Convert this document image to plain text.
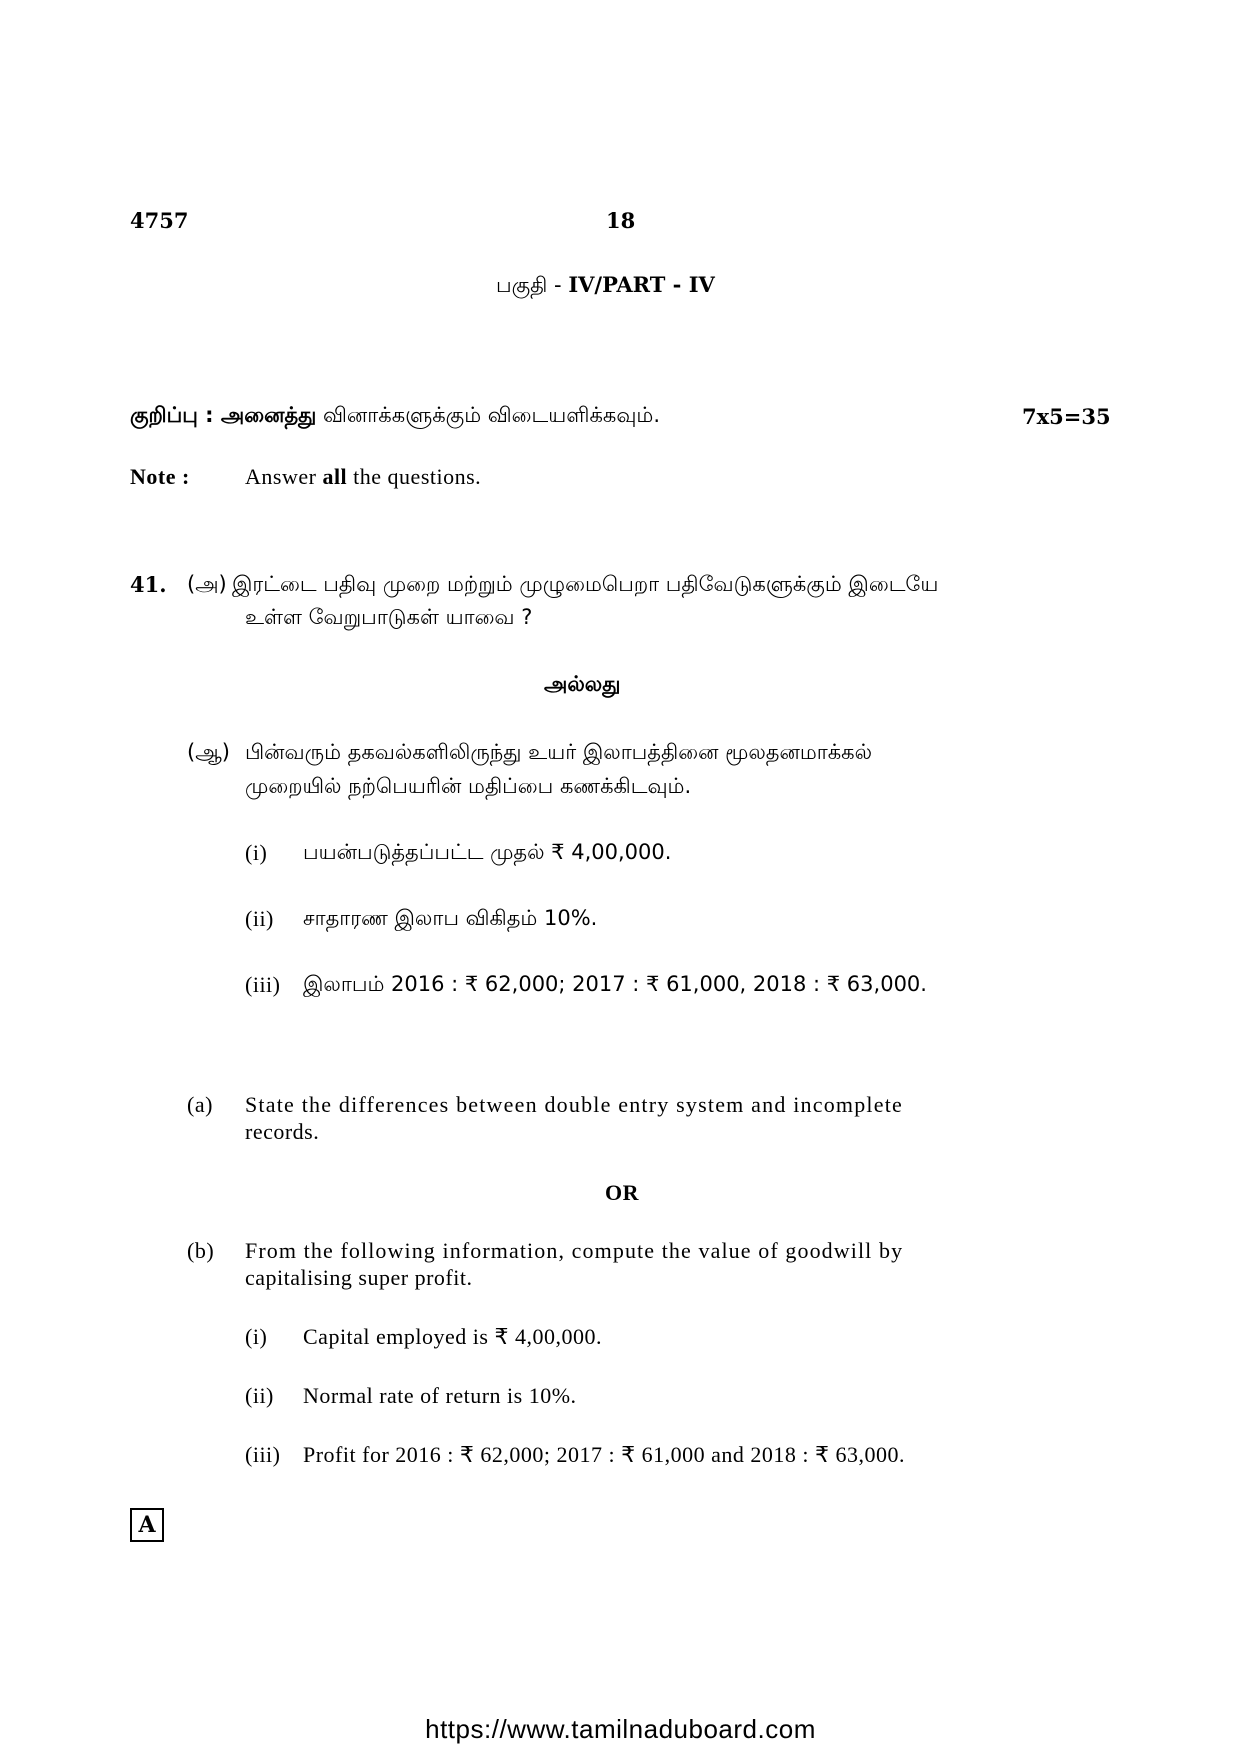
4757	18
பகுதி - IV/PART - IV
குறிப்பு : அனைத்து வினாக்களுக்கும் விடையளிக்கவும்.	7x5=35
Note :	Answer all the questions.
41. (அ) இரட்டை பதிவு முறை மற்றும் முழுமைபெறா பதிவேடுகளுக்கும் இடையே
உள்ள வேறுபாடுகள் யாவை ?
அல்லது
(ஆ) பின்வரும் தகவல்களிலிருந்து உயர் இலாபத்தினை மூலதனமாக்கல்
முறையில் நற்பெயரின் மதிப்பை கணக்கிடவும்.
(i) பயன்படுத்தப்பட்ட முதல் ₹ 4,00,000.
(ii) சாதாரண இலாப விகிதம் 10%.
(iii) இலாபம் 2016 : ₹ 62,000; 2017 : ₹ 61,000, 2018 : ₹ 63,000.
(a) State the differences between double entry system and incomplete
records.
OR
(b) From the following information, compute the value of goodwill by
capitalising super profit.
(i) Capital employed is ₹ 4,00,000.
(ii) Normal rate of return is 10%.
(iii) Profit for 2016 : ₹ 62,000; 2017 : ₹ 61,000 and 2018 : ₹ 63,000.
A
https://www.tamilnaduboard.com
